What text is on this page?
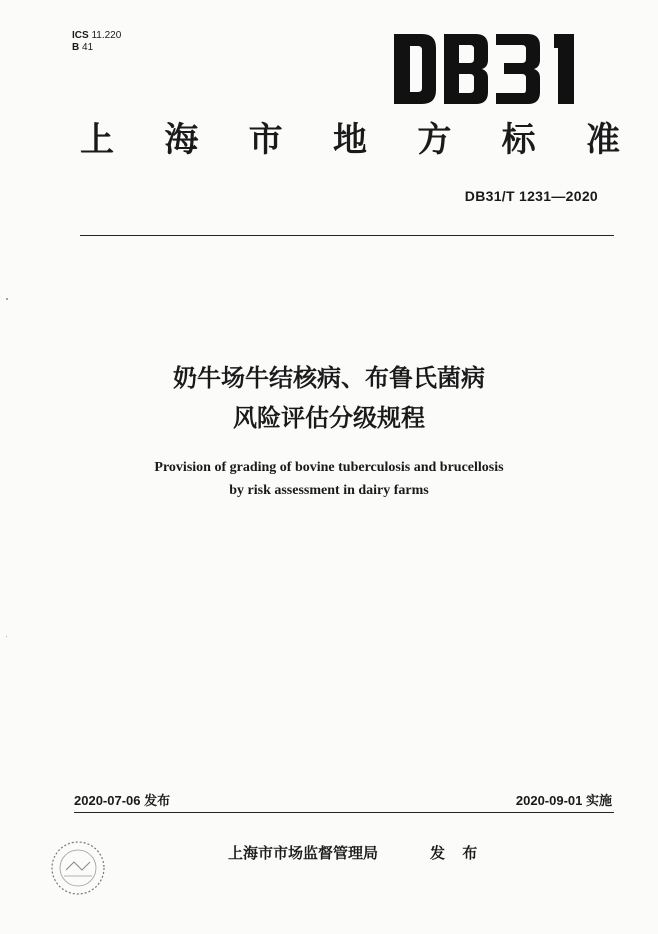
ICS 11.220
B 41
上 海 市 地 方 标 准
DB31/T 1231—2020
奶牛场牛结核病、布鲁氏菌病
风险评估分级规程
Provision of grading of bovine tuberculosis and brucellosis
by risk assessment in dairy farms
2020-07-06 发布	2020-09-01 实施
上海市市场监督管理局	发 布
